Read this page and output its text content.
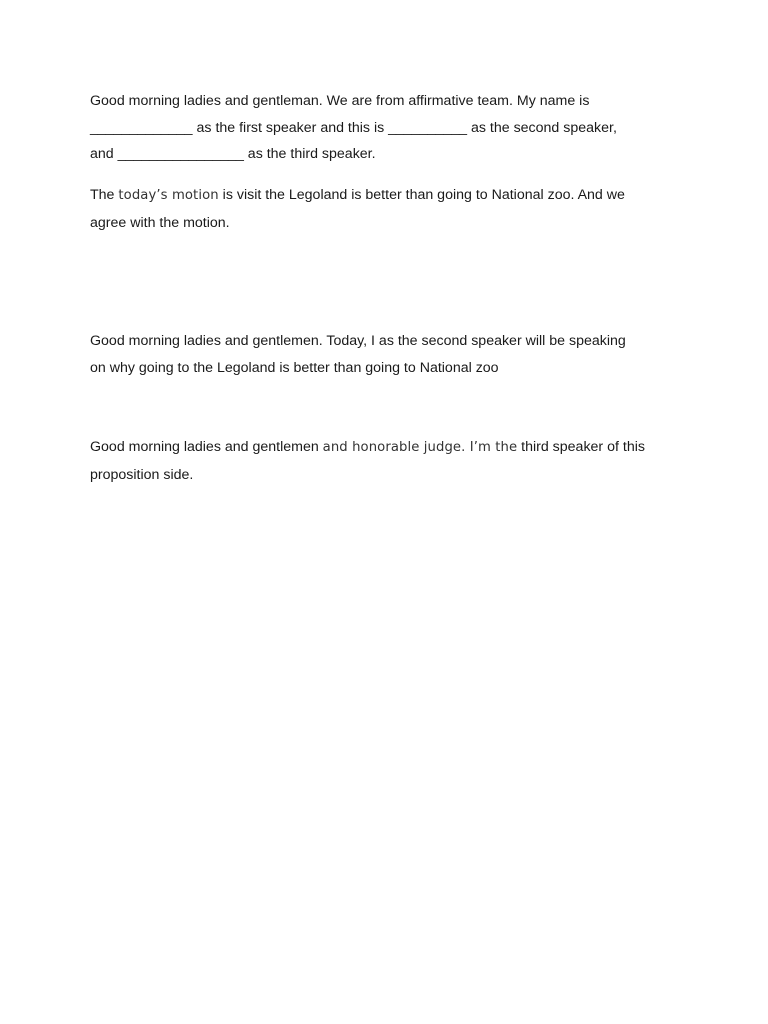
Good morning ladies and gentleman. We are from affirmative team. My name is
_____________ as the first speaker and this is __________ as the second speaker,
and ________________ as the third speaker.

The today’s motion is visit the Legoland is better than going to National zoo. And we
agree with the motion.

Good morning ladies and gentlemen. Today, I as the second speaker will be speaking
on why going to the Legoland is better than going to National zoo

Good morning ladies and gentlemen and honorable judge. I’m the third speaker of this
proposition side.
